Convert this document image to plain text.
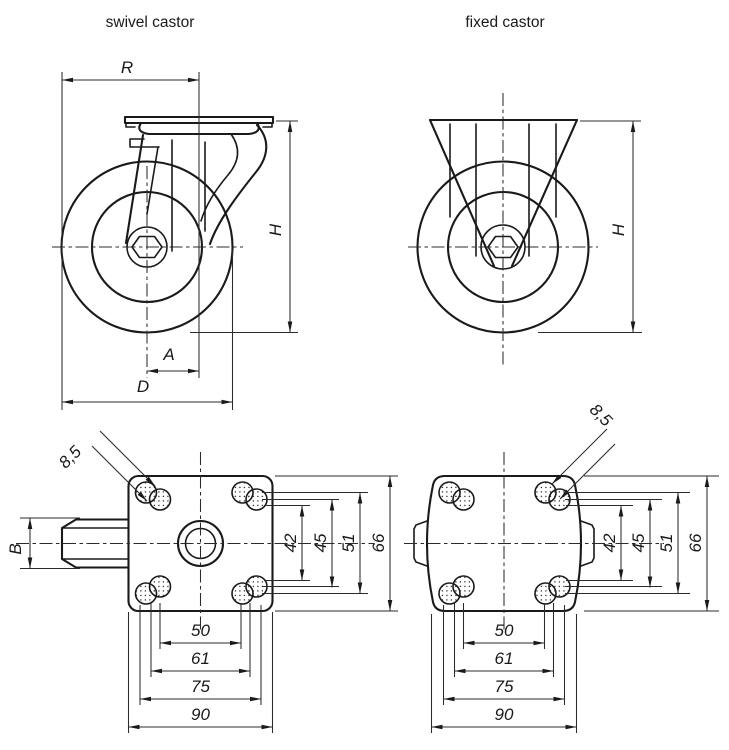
swivel castor
R
H
A
D
fixed castor
H
8,5
B	42 45 51 66
50
61
75
90
8,5
42 45 51 66
50
61
75
90
